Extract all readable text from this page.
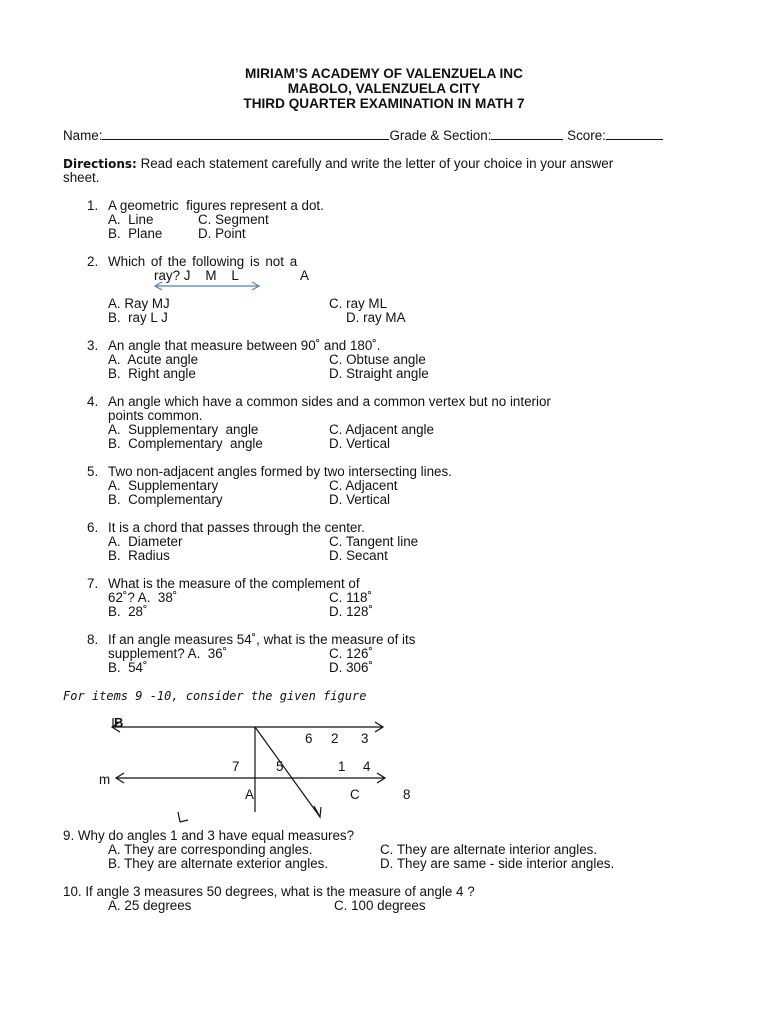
MIRIAM’S ACADEMY OF VALENZUELA INC
MABOLO, VALENZUELA CITY
THIRD QUARTER EXAMINATION IN MATH 7
Name:	Grade & Section:	Score:
Directions: Read each statement carefully and write the letter of your choice in your answer
sheet.
1. A geometric  figures represent a dot.
A.  Line	C. Segment
B.  Plane	D. Point
2. Which of the following is not a
ray? J    M    L	A
A. Ray MJ	C. ray ML
B.  ray L J	D. ray MA
3. An angle that measure between 90˚ and 180˚.
A.  Acute angle	C. Obtuse angle
B.  Right angle	D. Straight angle
4. An angle which have a common sides and a common vertex but no interior
points common.
A.  Supplementary  angle	C. Adjacent angle
B.  Complementary  angle	D. Vertical
5. Two non-adjacent angles formed by two intersecting lines.
A.  Supplementary	C. Adjacent
B.  Complementary	D. Vertical
6. It is a chord that passes through the center.
A.  Diameter	C. Tangent line
B.  Radius	D. Secant
7. What is the measure of the complement of
62˚? A.  38˚	C. 118˚
B.  28˚	D. 128˚
8. If an angle measures 54˚, what is the measure of its
supplement? A.  36˚	C. 126˚
B.  54˚	D. 306˚
For items 9 -10, consider the given figure
B
6 2 3
7	5	1 4
m
A	C	8
9. Why do angles 1 and 3 have equal measures?
A. They are corresponding angles.	C. They are alternate interior angles.
B. They are alternate exterior angles.	D. They are same - side interior angles.
10. If angle 3 measures 50 degrees, what is the measure of angle 4 ?
A. 25 degrees	C. 100 degrees
